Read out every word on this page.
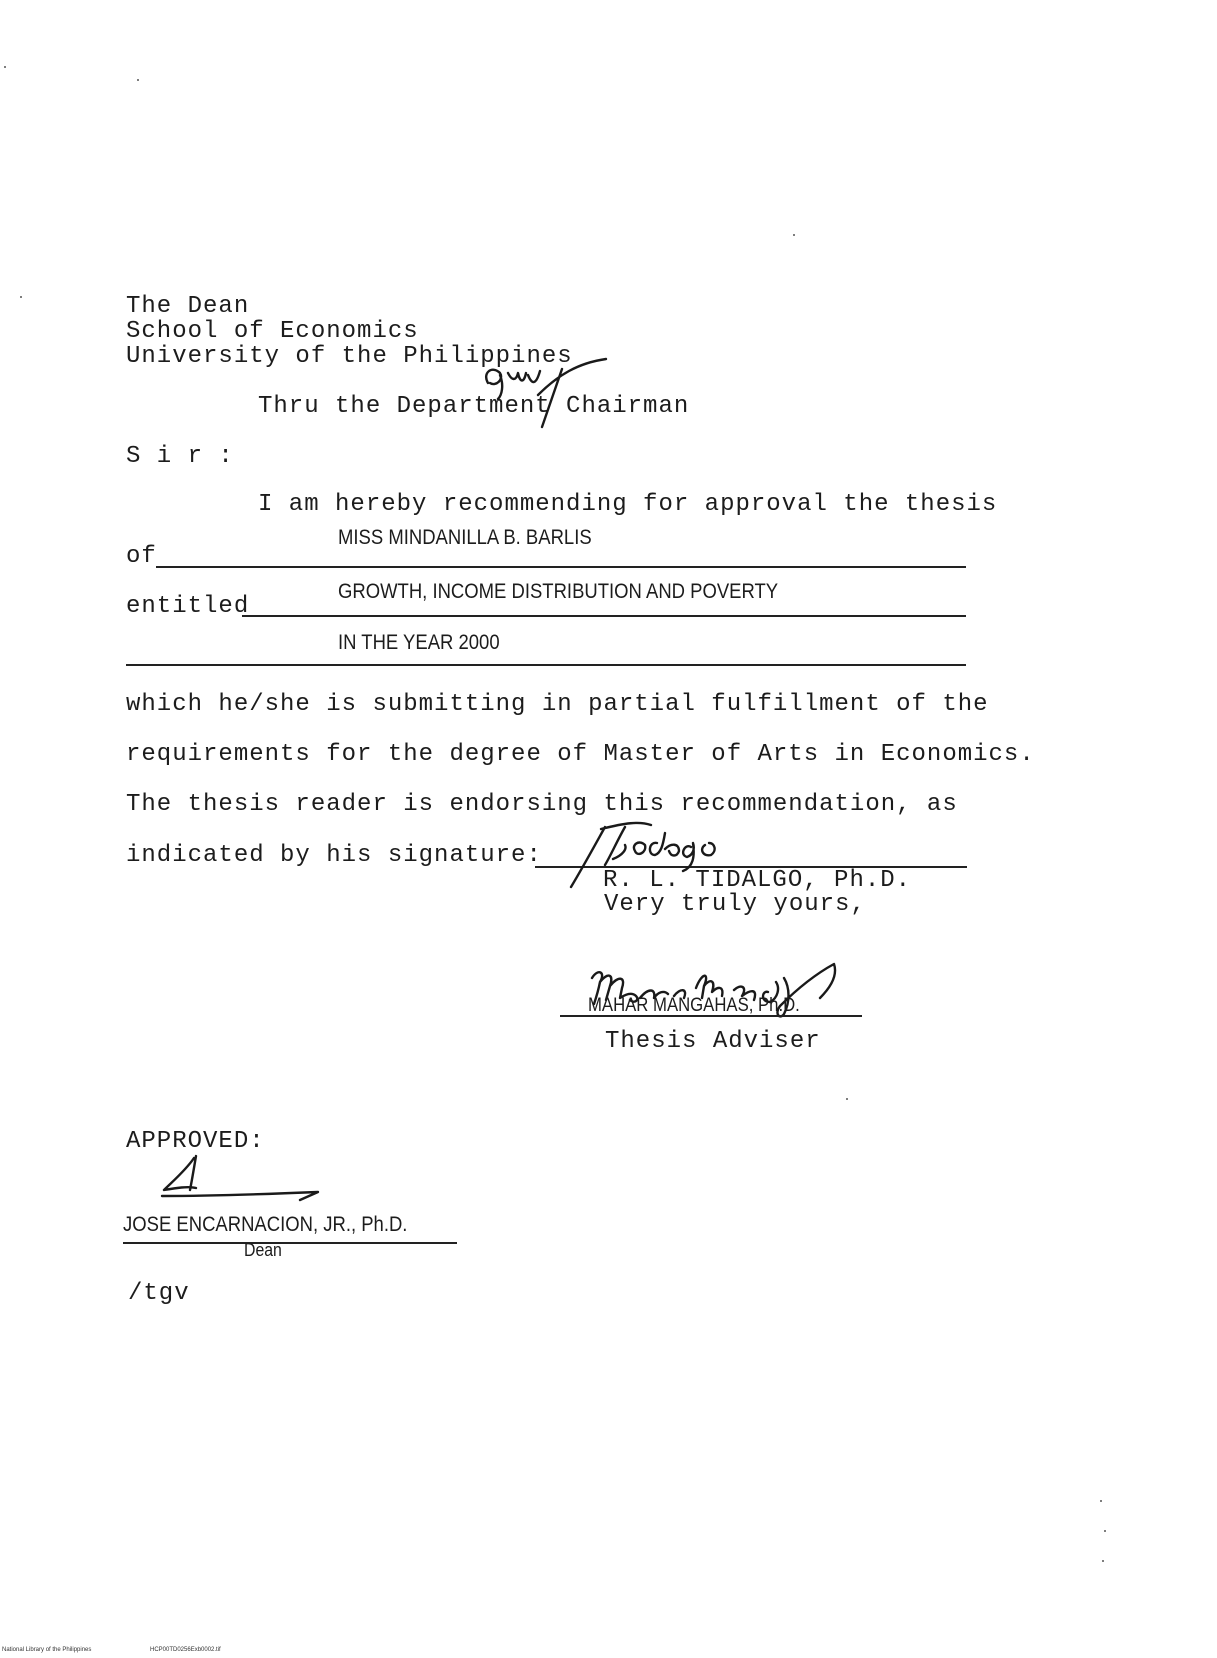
The Dean
School of Economics
University of the Philippines
Thru the Department Chairman
S i r :
I am hereby recommending for approval the thesis
of
MISS MINDANILLA B. BARLIS
entitled
GROWTH, INCOME DISTRIBUTION AND POVERTY
IN THE YEAR 2000
which he/she is submitting in partial fulfillment of the
requirements for the degree of Master of Arts in Economics.
The thesis reader is endorsing this recommendation, as
indicated by his signature:
R. L. TIDALGO, Ph.D.
Very truly yours,
MAHAR MANGAHAS, Ph.D.
Thesis Adviser
APPROVED:
JOSE ENCARNACION, JR., Ph.D.
Dean
/tgv
National Library of the Philippines	HCP00TD0256Exb0002.tif
